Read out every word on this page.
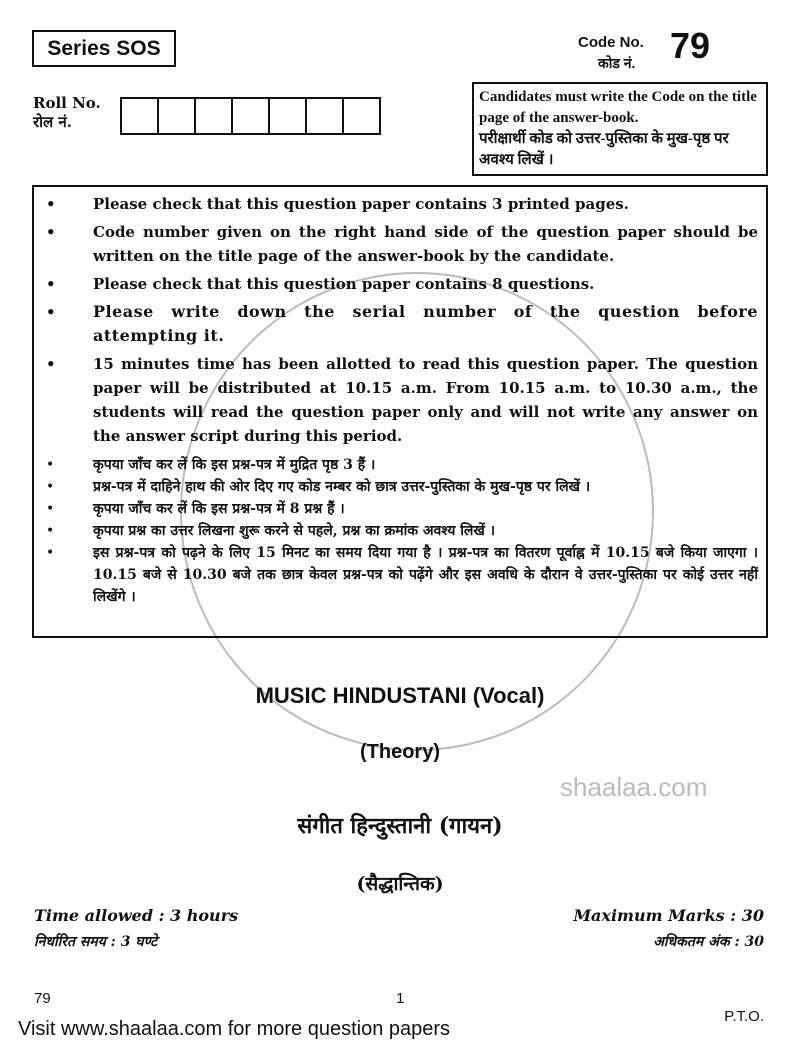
shaalaa.com
Series SOS	Code No.
कोड नं. 79
Roll No.
रोल नं.
Candidates must write the Code on the title page of the answer-book.
परीक्षार्थी कोड को उत्तर-पुस्तिका के मुख-पृष्ठ पर अवश्य लिखें ।
•	Please check that this question paper contains 3 printed pages.
•	Code number given on the right hand side of the question paper should be written on the title page of the answer-book by the candidate.
•	Please check that this question paper contains 8 questions.
•	Please write down the serial number of the question before attempting it.
•	15 minutes time has been allotted to read this question paper. The question paper will be distributed at 10.15 a.m. From 10.15 a.m. to 10.30 a.m., the students will read the question paper only and will not write any answer on the answer script during this period.
•	कृपया जाँच कर लें कि इस प्रश्न-पत्र में मुद्रित पृष्ठ 3 हैं ।
•	प्रश्न-पत्र में दाहिने हाथ की ओर दिए गए कोड नम्बर को छात्र उत्तर-पुस्तिका के मुख-पृष्ठ पर लिखें ।
•	कृपया जाँच कर लें कि इस प्रश्न-पत्र में 8 प्रश्न हैं ।
•	कृपया प्रश्न का उत्तर लिखना शुरू करने से पहले, प्रश्न का क्रमांक अवश्य लिखें ।
•	इस प्रश्न-पत्र को पढ़ने के लिए 15 मिनट का समय दिया गया है । प्रश्न-पत्र का वितरण पूर्वाह्न में 10.15 बजे किया जाएगा । 10.15 बजे से 10.30 बजे तक छात्र केवल प्रश्न-पत्र को पढ़ेंगे और इस अवधि के दौरान वे उत्तर-पुस्तिका पर कोई उत्तर नहीं लिखेंगे ।
MUSIC HINDUSTANI (Vocal)
(Theory)
संगीत हिन्दुस्तानी (गायन)
(सैद्धान्तिक)
Time allowed : 3 hours
निर्धारित समय : 3 घण्टे
Maximum Marks : 30
अधिकतम अंक : 30
79	1
P.T.O.
Visit www.shaalaa.com for more question papers
